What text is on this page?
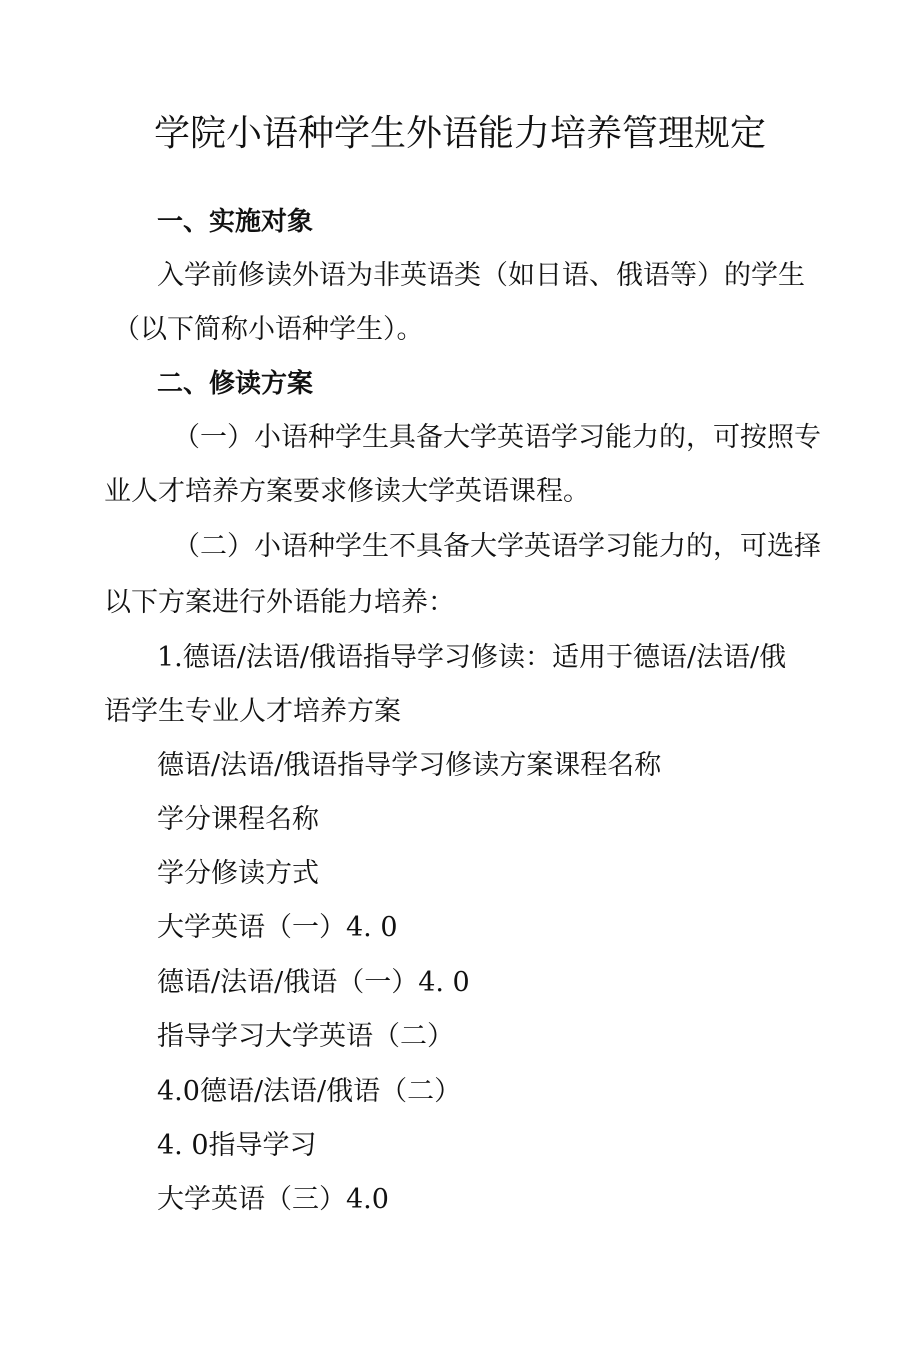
学院小语种学生外语能力培养管理规定
一、实施对象
入学前修读外语为非英语类（如日语、俄语等）的学生
（以下简称小语种学生）。
二、修读方案
（一）小语种学生具备大学英语学习能力的，可按照专
业人才培养方案要求修读大学英语课程。
（二）小语种学生不具备大学英语学习能力的，可选择
以下方案进行外语能力培养：
1.德语/法语/俄语指导学习修读：适用于德语/法语/俄
语学生专业人才培养方案
德语/法语/俄语指导学习修读方案课程名称
学分课程名称
学分修读方式
大学英语（一）4. 0
德语/法语/俄语（一）4. 0
指导学习大学英语（二）
4.0德语/法语/俄语（二）
4. 0指导学习
大学英语（三）4.0
